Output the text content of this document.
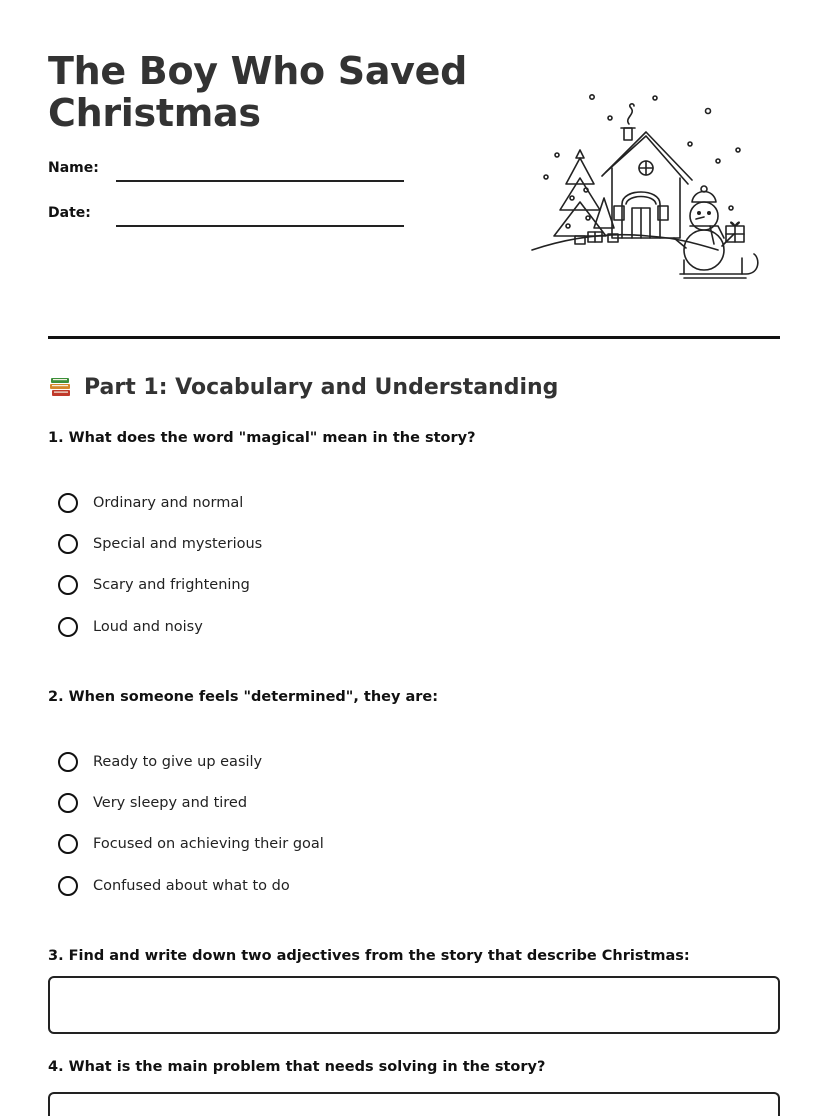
The Boy Who Saved Christmas
Name:
Date:
Part 1: Vocabulary and Understanding

1. What does the word "magical" mean in the story?

Ordinary and normal
Special and mysterious
Scary and frightening
Loud and noisy

2. When someone feels "determined", they are:

Ready to give up easily
Very sleepy and tired
Focused on achieving their goal
Confused about what to do

3. Find and write down two adjectives from the story that describe Christmas:

4. What is the main problem that needs solving in the story?
